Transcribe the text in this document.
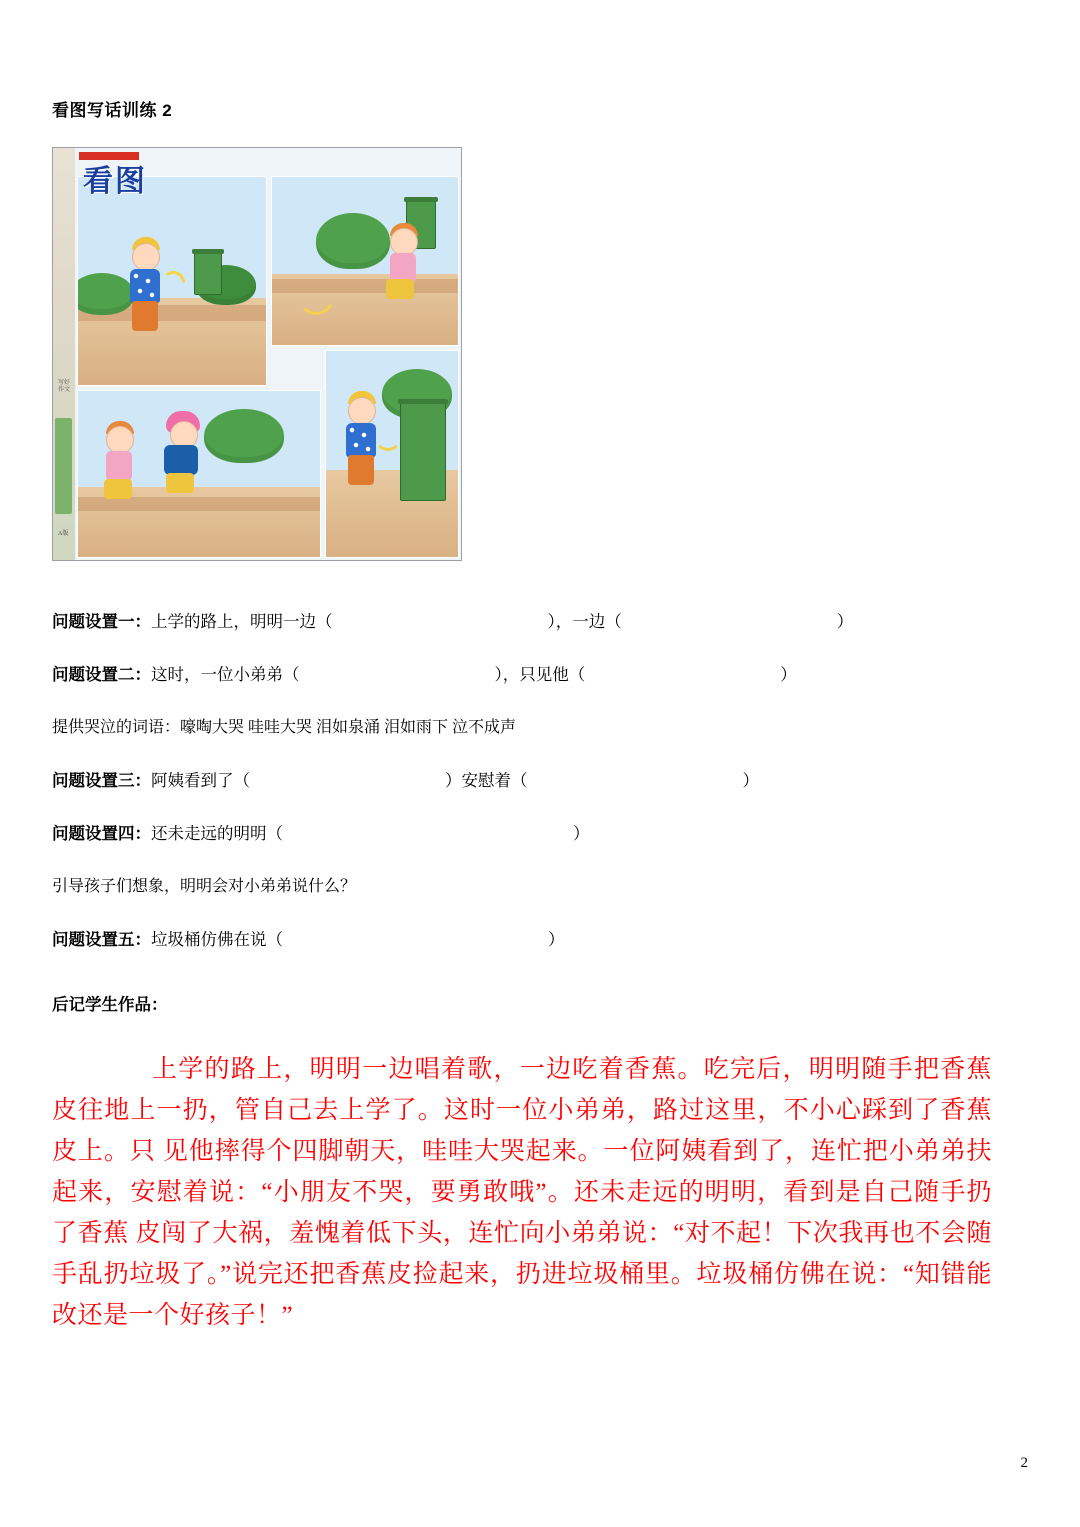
看图写话训练 2
写好作文
A版
看图
问题设置一：上学的路上，明明一边（	），一边（	）
问题设置二：这时，一位小弟弟（	），只见他（	）
提供哭泣的词语：嚎啕大哭 哇哇大哭 泪如泉涌 泪如雨下 泣不成声
问题设置三：阿姨看到了（	）安慰着（	）
问题设置四：还未走远的明明（	）
引导孩子们想象，明明会对小弟弟说什么？
问题设置五：垃圾桶仿佛在说（	）
后记学生作品：
上学的路上，明明一边唱着歌，一边吃着香蕉。吃完后，明明随手把香蕉皮往地上一扔，管自己去上学了。这时一位小弟弟，路过这里，不小心踩到了香蕉皮上。只 见他摔得个四脚朝天，哇哇大哭起来。一位阿姨看到了，连忙把小弟弟扶起来，安慰着说：“小朋友不哭，要勇敢哦”。还未走远的明明，看到是自己随手扔了香蕉 皮闯了大祸，羞愧着低下头，连忙向小弟弟说：“对不起！下次我再也不会随手乱扔垃圾了。”说完还把香蕉皮捡起来，扔进垃圾桶里。垃圾桶仿佛在说：“知错能 改还是一个好孩子！”
2
